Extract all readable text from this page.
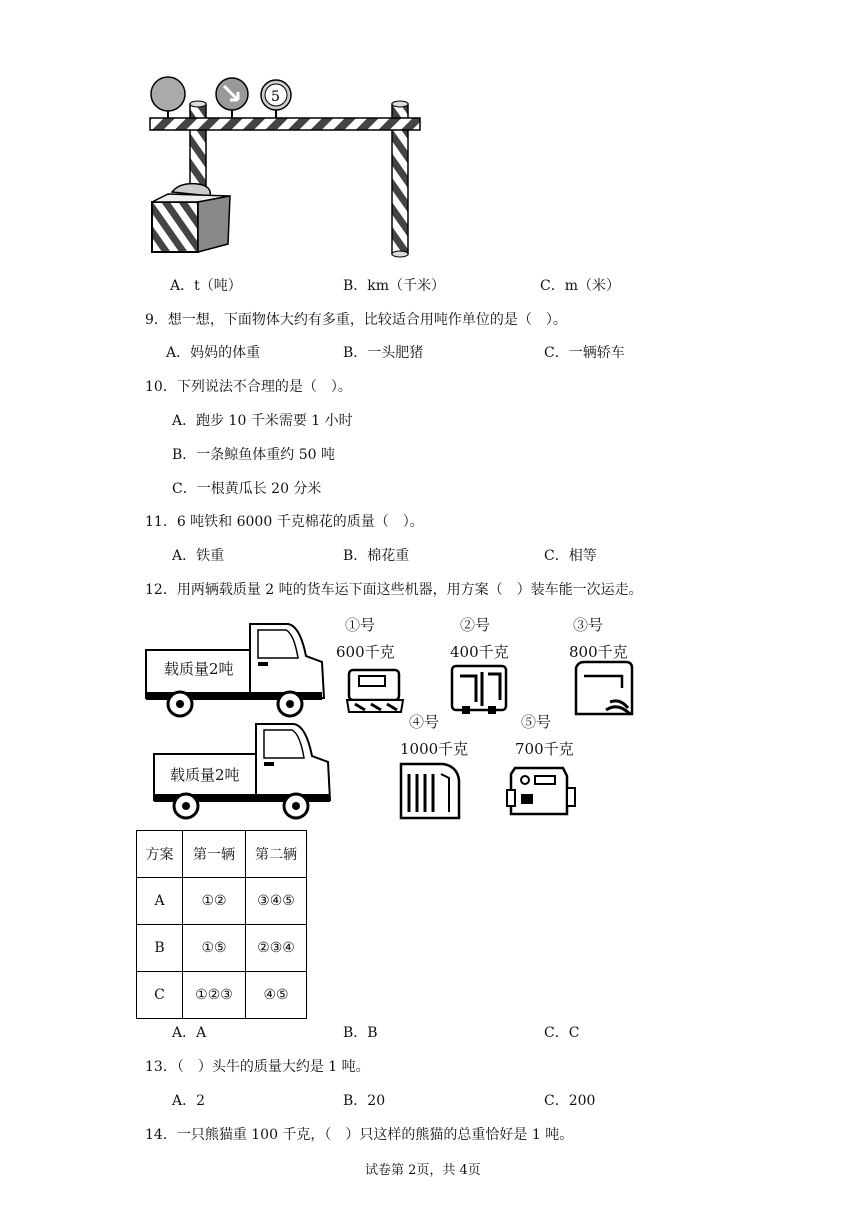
5
A．t（吨）	B．km（千米）	C．m（米）
9．想一想，下面物体大约有多重，比较适合用吨作单位的是（　）。
A．妈妈的体重	B．一头肥猪	C．一辆轿车
10．下列说法不合理的是（　）。
A．跑步 10 千米需要 1 小时
B．一条鲸鱼体重约 50 吨
C．一根黄瓜长 20 分米
11．6 吨铁和 6000 千克棉花的质量（　）。
A．铁重	B．棉花重	C．相等
12．用两辆载质量 2 吨的货车运下面这些机器，用方案（　）装车能一次运走。
载质量2吨
载质量2吨
①号
600千克
②号
400千克
③号
800千克
④号
1000千克
⑤号
700千克
方案	第一辆	第二辆
A	①②	③④⑤
B	①⑤	②③④
C	①②③	④⑤
A．A	B．B	C．C
13．（　）头牛的质量大约是 1 吨。
A．2	B．20	C．200
14．一只熊猫重 100 千克，（　）只这样的熊猫的总重恰好是 1 吨。
试卷第 2页，共 4页
